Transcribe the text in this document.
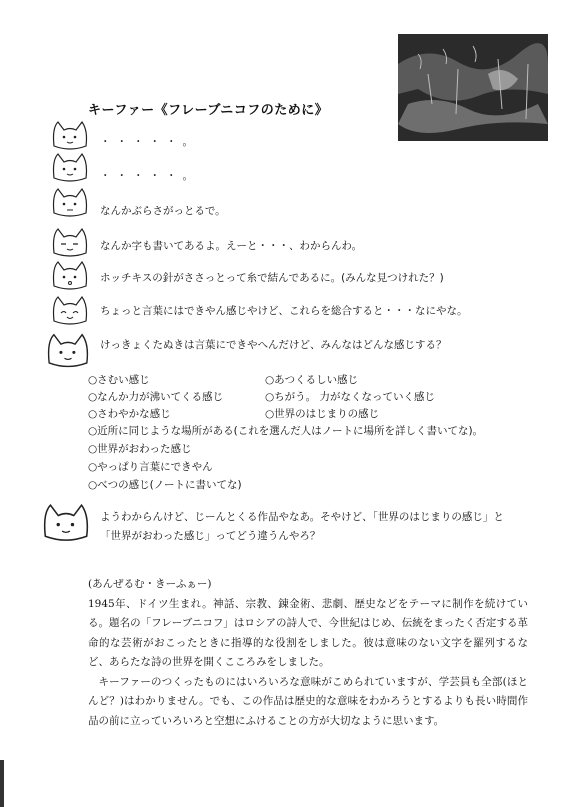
キーファー《フレーブニコフのために》
・・・・・。
・・・・・。
なんかぶらさがっとるで。
なんか字も書いてあるよ。えーと・・・、わからんわ。
ホッチキスの針がささっとって糸で結んであるに。(みんな見つけれた？)
ちょっと言葉にはできやん感じやけど、これらを総合すると・・・なにやな。
けっきょくたぬきは言葉にできやへんだけど、みんなはどんな感じする？
○さむい感じ
○なんか力が沸いてくる感じ
○さわやかな感じ
○あつくるしい感じ
○ちがう。 力がなくなっていく感じ
○世界のはじまりの感じ
○近所に同じような場所がある(これを選んだ人はノートに場所を詳しく書いてな)。
○世界がおわった感じ
○やっぱり言葉にできやん
○べつの感じ(ノートに書いてな)
ようわからんけど、じーんとくる作品やなあ。そやけど、「世界のはじまりの感じ」と
「世界がおわった感じ」ってどう違うんやろ？

(あんぜるむ・きーふぁー)

1945年、ドイツ生まれ。神話、宗教、錬金術、悲劇、歴史などをテーマに制作を続けている。題名の「フレーブニコフ」はロシアの詩人で、今世紀はじめ、伝統をまったく否定する革命的な芸術がおこったときに指導的な役割をしました。彼は意味のない文字を羅列するなど、あらたな詩の世界を開くこころみをしました。

キーファーのつくったものにはいろいろな意味がこめられていますが、学芸員も全部(ほとんど？)はわかりません。でも、この作品は歴史的な意味をわかろうとするよりも長い時間作品の前に立っていろいろと空想にふけることの方が大切なように思います。
